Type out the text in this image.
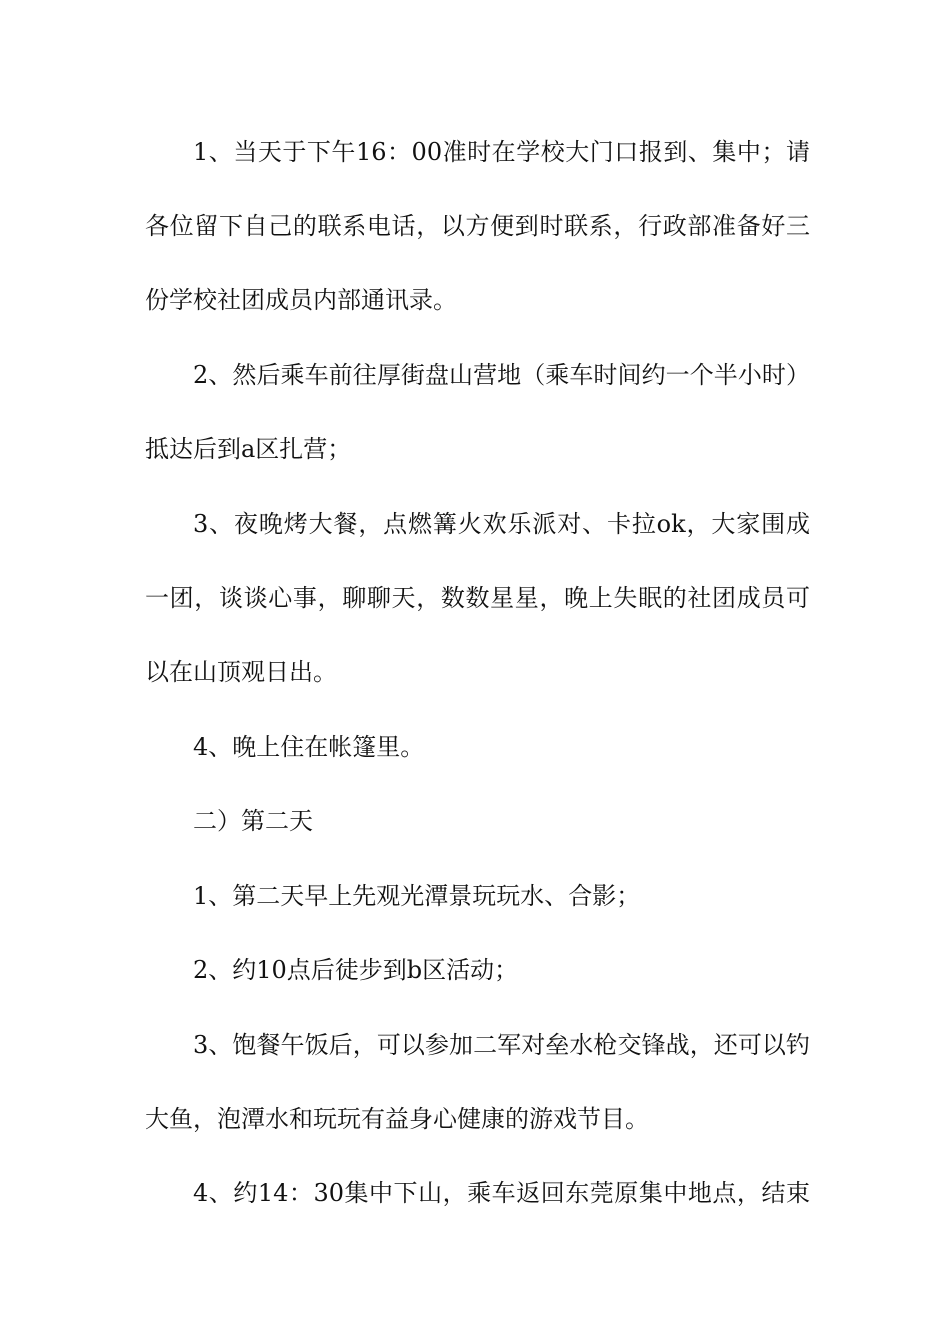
1、当天于下午16：00准时在学校大门口报到、集中；请
各位留下自己的联系电话，以方便到时联系，行政部准备好三
份学校社团成员内部通讯录。
2、然后乘车前往厚街盘山营地（乘车时间约一个半小时）
抵达后到a区扎营；
3、夜晚烤大餐，点燃篝火欢乐派对、卡拉ok，大家围成
一团，谈谈心事，聊聊天，数数星星，晚上失眠的社团成员可
以在山顶观日出。
4、晚上住在帐篷里。
二）第二天
1、第二天早上先观光潭景玩玩水、合影；
2、约10点后徒步到b区活动；
3、饱餐午饭后，可以参加二军对垒水枪交锋战，还可以钓
大鱼，泡潭水和玩玩有益身心健康的游戏节目。
4、约14：30集中下山，乘车返回东莞原集中地点，结束
